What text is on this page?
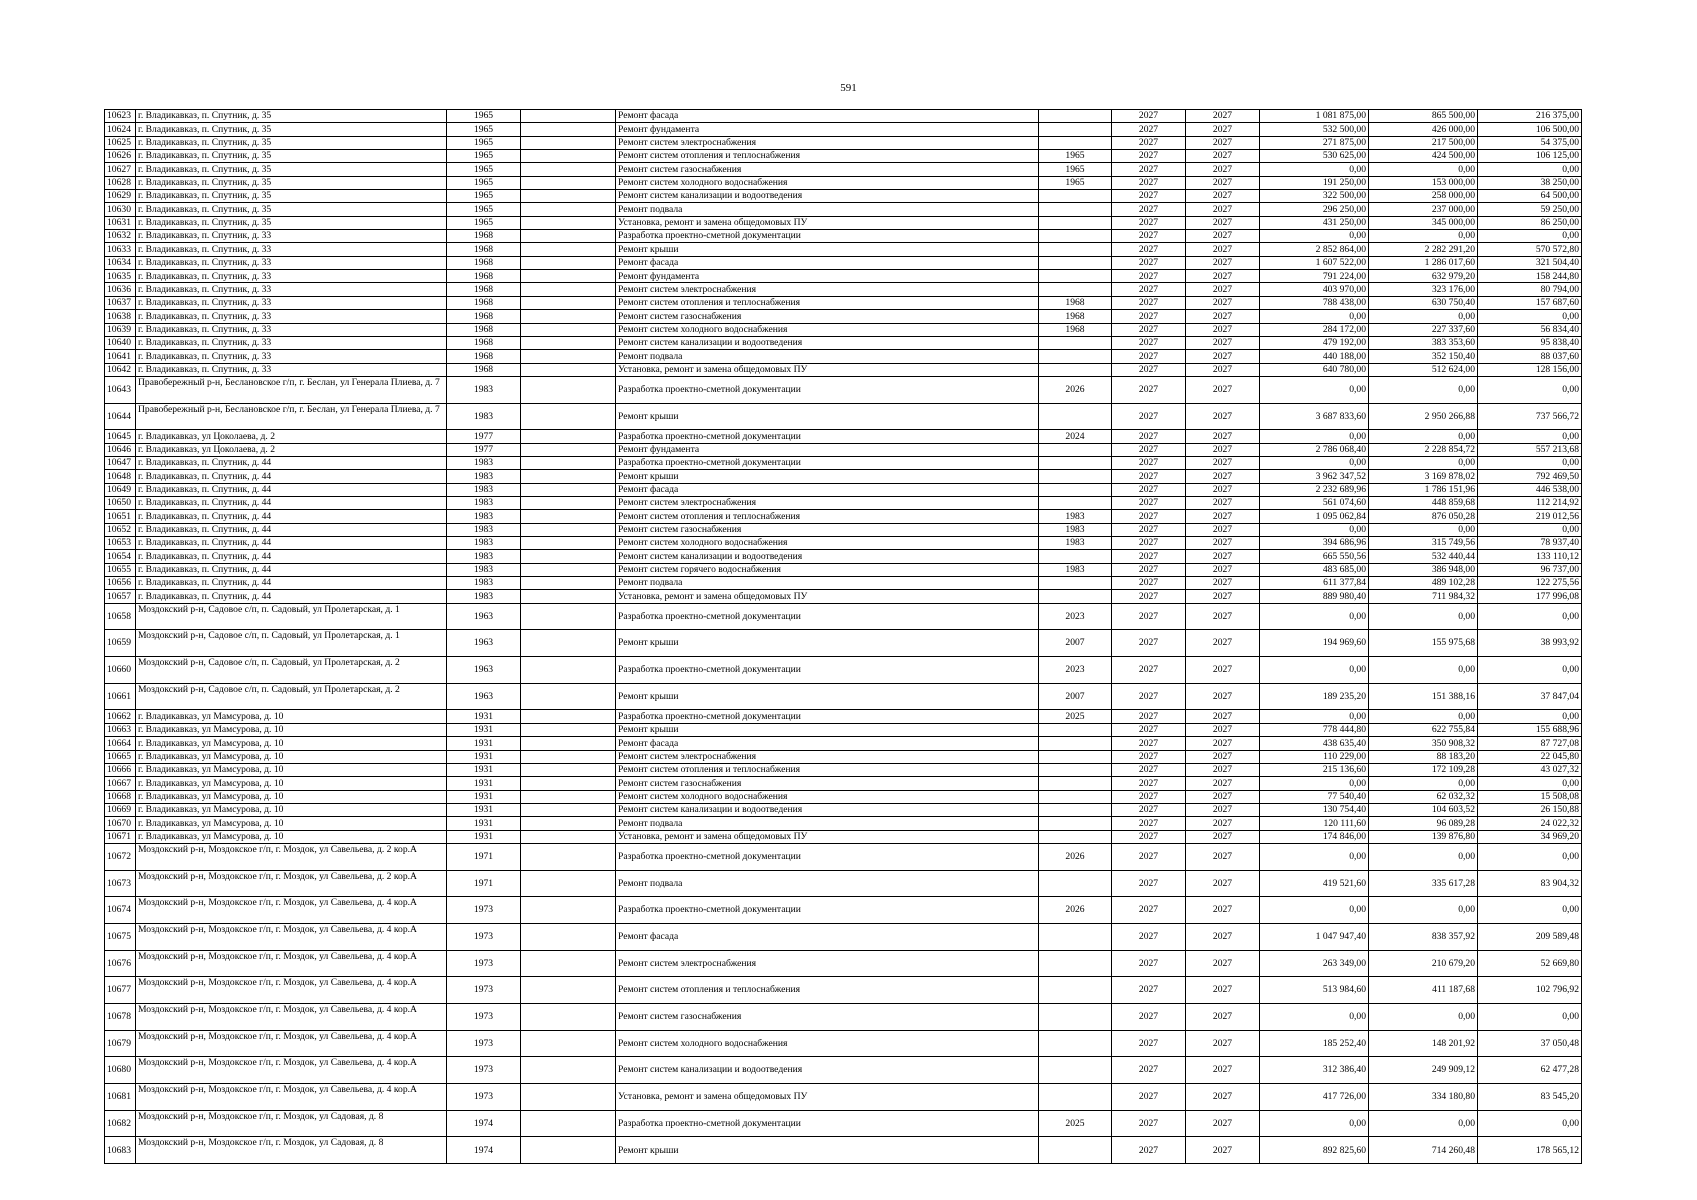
591
10623	г. Владикавказ, п. Спутник, д. 35	1965		Ремонт фасада		2027	2027	1 081 875,00	865 500,00	216 375,00
10624	г. Владикавказ, п. Спутник, д. 35	1965		Ремонт фундамента		2027	2027	532 500,00	426 000,00	106 500,00
10625	г. Владикавказ, п. Спутник, д. 35	1965		Ремонт систем электроснабжения		2027	2027	271 875,00	217 500,00	54 375,00
10626	г. Владикавказ, п. Спутник, д. 35	1965		Ремонт систем отопления и теплоснабжения	1965	2027	2027	530 625,00	424 500,00	106 125,00
10627	г. Владикавказ, п. Спутник, д. 35	1965		Ремонт систем газоснабжения	1965	2027	2027	0,00	0,00	0,00
10628	г. Владикавказ, п. Спутник, д. 35	1965		Ремонт систем холодного водоснабжения	1965	2027	2027	191 250,00	153 000,00	38 250,00
10629	г. Владикавказ, п. Спутник, д. 35	1965		Ремонт систем канализации и водоотведения		2027	2027	322 500,00	258 000,00	64 500,00
10630	г. Владикавказ, п. Спутник, д. 35	1965		Ремонт подвала		2027	2027	296 250,00	237 000,00	59 250,00
10631	г. Владикавказ, п. Спутник, д. 35	1965		Установка, ремонт и замена общедомовых ПУ		2027	2027	431 250,00	345 000,00	86 250,00
10632	г. Владикавказ, п. Спутник, д. 33	1968		Разработка проектно-сметной документации		2027	2027	0,00	0,00	0,00
10633	г. Владикавказ, п. Спутник, д. 33	1968		Ремонт крыши		2027	2027	2 852 864,00	2 282 291,20	570 572,80
10634	г. Владикавказ, п. Спутник, д. 33	1968		Ремонт фасада		2027	2027	1 607 522,00	1 286 017,60	321 504,40
10635	г. Владикавказ, п. Спутник, д. 33	1968		Ремонт фундамента		2027	2027	791 224,00	632 979,20	158 244,80
10636	г. Владикавказ, п. Спутник, д. 33	1968		Ремонт систем электроснабжения		2027	2027	403 970,00	323 176,00	80 794,00
10637	г. Владикавказ, п. Спутник, д. 33	1968		Ремонт систем отопления и теплоснабжения	1968	2027	2027	788 438,00	630 750,40	157 687,60
10638	г. Владикавказ, п. Спутник, д. 33	1968		Ремонт систем газоснабжения	1968	2027	2027	0,00	0,00	0,00
10639	г. Владикавказ, п. Спутник, д. 33	1968		Ремонт систем холодного водоснабжения	1968	2027	2027	284 172,00	227 337,60	56 834,40
10640	г. Владикавказ, п. Спутник, д. 33	1968		Ремонт систем канализации и водоотведения		2027	2027	479 192,00	383 353,60	95 838,40
10641	г. Владикавказ, п. Спутник, д. 33	1968		Ремонт подвала		2027	2027	440 188,00	352 150,40	88 037,60
10642	г. Владикавказ, п. Спутник, д. 33	1968		Установка, ремонт и замена общедомовых ПУ		2027	2027	640 780,00	512 624,00	128 156,00
10643	Правобережный р-н, Беслановское г/п, г. Беслан, ул Генерала Плиева, д. 7	1983		Разработка проектно-сметной документации	2026	2027	2027	0,00	0,00	0,00
10644	Правобережный р-н, Беслановское г/п, г. Беслан, ул Генерала Плиева, д. 7	1983		Ремонт крыши		2027	2027	3 687 833,60	2 950 266,88	737 566,72
10645	г. Владикавказ, ул Цоколаева, д. 2	1977		Разработка проектно-сметной документации	2024	2027	2027	0,00	0,00	0,00
10646	г. Владикавказ, ул Цоколаева, д. 2	1977		Ремонт фундамента		2027	2027	2 786 068,40	2 228 854,72	557 213,68
10647	г. Владикавказ, п. Спутник, д. 44	1983		Разработка проектно-сметной документации		2027	2027	0,00	0,00	0,00
10648	г. Владикавказ, п. Спутник, д. 44	1983		Ремонт крыши		2027	2027	3 962 347,52	3 169 878,02	792 469,50
10649	г. Владикавказ, п. Спутник, д. 44	1983		Ремонт фасада		2027	2027	2 232 689,96	1 786 151,96	446 538,00
10650	г. Владикавказ, п. Спутник, д. 44	1983		Ремонт систем электроснабжения		2027	2027	561 074,60	448 859,68	112 214,92
10651	г. Владикавказ, п. Спутник, д. 44	1983		Ремонт систем отопления и теплоснабжения	1983	2027	2027	1 095 062,84	876 050,28	219 012,56
10652	г. Владикавказ, п. Спутник, д. 44	1983		Ремонт систем газоснабжения	1983	2027	2027	0,00	0,00	0,00
10653	г. Владикавказ, п. Спутник, д. 44	1983		Ремонт систем холодного водоснабжения	1983	2027	2027	394 686,96	315 749,56	78 937,40
10654	г. Владикавказ, п. Спутник, д. 44	1983		Ремонт систем канализации и водоотведения		2027	2027	665 550,56	532 440,44	133 110,12
10655	г. Владикавказ, п. Спутник, д. 44	1983		Ремонт систем горячего водоснабжения	1983	2027	2027	483 685,00	386 948,00	96 737,00
10656	г. Владикавказ, п. Спутник, д. 44	1983		Ремонт подвала		2027	2027	611 377,84	489 102,28	122 275,56
10657	г. Владикавказ, п. Спутник, д. 44	1983		Установка, ремонт и замена общедомовых ПУ		2027	2027	889 980,40	711 984,32	177 996,08
10658	Моздокский р-н, Садовое с/п, п. Садовый, ул Пролетарская, д. 1	1963		Разработка проектно-сметной документации	2023	2027	2027	0,00	0,00	0,00
10659	Моздокский р-н, Садовое с/п, п. Садовый, ул Пролетарская, д. 1	1963		Ремонт крыши	2007	2027	2027	194 969,60	155 975,68	38 993,92
10660	Моздокский р-н, Садовое с/п, п. Садовый, ул Пролетарская, д. 2	1963		Разработка проектно-сметной документации	2023	2027	2027	0,00	0,00	0,00
10661	Моздокский р-н, Садовое с/п, п. Садовый, ул Пролетарская, д. 2	1963		Ремонт крыши	2007	2027	2027	189 235,20	151 388,16	37 847,04
10662	г. Владикавказ, ул Мамсурова, д. 10	1931		Разработка проектно-сметной документации	2025	2027	2027	0,00	0,00	0,00
10663	г. Владикавказ, ул Мамсурова, д. 10	1931		Ремонт крыши		2027	2027	778 444,80	622 755,84	155 688,96
10664	г. Владикавказ, ул Мамсурова, д. 10	1931		Ремонт фасада		2027	2027	438 635,40	350 908,32	87 727,08
10665	г. Владикавказ, ул Мамсурова, д. 10	1931		Ремонт систем электроснабжения		2027	2027	110 229,00	88 183,20	22 045,80
10666	г. Владикавказ, ул Мамсурова, д. 10	1931		Ремонт систем отопления и теплоснабжения		2027	2027	215 136,60	172 109,28	43 027,32
10667	г. Владикавказ, ул Мамсурова, д. 10	1931		Ремонт систем газоснабжения		2027	2027	0,00	0,00	0,00
10668	г. Владикавказ, ул Мамсурова, д. 10	1931		Ремонт систем холодного водоснабжения		2027	2027	77 540,40	62 032,32	15 508,08
10669	г. Владикавказ, ул Мамсурова, д. 10	1931		Ремонт систем канализации и водоотведения		2027	2027	130 754,40	104 603,52	26 150,88
10670	г. Владикавказ, ул Мамсурова, д. 10	1931		Ремонт подвала		2027	2027	120 111,60	96 089,28	24 022,32
10671	г. Владикавказ, ул Мамсурова, д. 10	1931		Установка, ремонт и замена общедомовых ПУ		2027	2027	174 846,00	139 876,80	34 969,20
10672	Моздокский р-н, Моздокское г/п, г. Моздок, ул Савельева, д. 2 кор.А	1971		Разработка проектно-сметной документации	2026	2027	2027	0,00	0,00	0,00
10673	Моздокский р-н, Моздокское г/п, г. Моздок, ул Савельева, д. 2 кор.А	1971		Ремонт подвала		2027	2027	419 521,60	335 617,28	83 904,32
10674	Моздокский р-н, Моздокское г/п, г. Моздок, ул Савельева, д. 4 кор.А	1973		Разработка проектно-сметной документации	2026	2027	2027	0,00	0,00	0,00
10675	Моздокский р-н, Моздокское г/п, г. Моздок, ул Савельева, д. 4 кор.А	1973		Ремонт фасада		2027	2027	1 047 947,40	838 357,92	209 589,48
10676	Моздокский р-н, Моздокское г/п, г. Моздок, ул Савельева, д. 4 кор.А	1973		Ремонт систем электроснабжения		2027	2027	263 349,00	210 679,20	52 669,80
10677	Моздокский р-н, Моздокское г/п, г. Моздок, ул Савельева, д. 4 кор.А	1973		Ремонт систем отопления и теплоснабжения		2027	2027	513 984,60	411 187,68	102 796,92
10678	Моздокский р-н, Моздокское г/п, г. Моздок, ул Савельева, д. 4 кор.А	1973		Ремонт систем газоснабжения		2027	2027	0,00	0,00	0,00
10679	Моздокский р-н, Моздокское г/п, г. Моздок, ул Савельева, д. 4 кор.А	1973		Ремонт систем холодного водоснабжения		2027	2027	185 252,40	148 201,92	37 050,48
10680	Моздокский р-н, Моздокское г/п, г. Моздок, ул Савельева, д. 4 кор.А	1973		Ремонт систем канализации и водоотведения		2027	2027	312 386,40	249 909,12	62 477,28
10681	Моздокский р-н, Моздокское г/п, г. Моздок, ул Савельева, д. 4 кор.А	1973		Установка, ремонт и замена общедомовых ПУ		2027	2027	417 726,00	334 180,80	83 545,20
10682	Моздокский р-н, Моздокское г/п, г. Моздок, ул Садовая, д. 8	1974		Разработка проектно-сметной документации	2025	2027	2027	0,00	0,00	0,00
10683	Моздокский р-н, Моздокское г/п, г. Моздок, ул Садовая, д. 8	1974		Ремонт крыши		2027	2027	892 825,60	714 260,48	178 565,12
